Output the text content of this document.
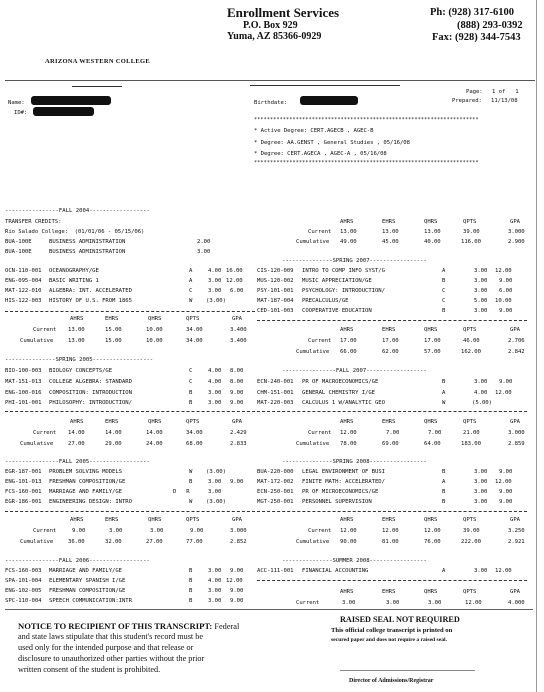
ARIZONA WESTERN COLLEGE
Enrollment Services
P.O. Box 929
Yuma, AZ 85366-0929
Ph: (928) 317-6100
(888) 293-0392
Fax: (928) 344-7543
Page: 1 of   1
Name:
ID#:
Birthdate:	Prepared: 11/13/08
**********************************************************************
* Active Degree: CERT.AGECB , AGEC-B
* Degree: AA.GENST , General Studies , 05/16/08
* Degree: CERT.AGECA , AGEC-A , 05/16/08
**********************************************************************
----------------FALL 2004------------------
TRANSFER CREDITS:
Rio Salado College:  (01/01/06 - 05/15/06)
BUA-100E	BUSINESS ADMINISTRATION	2.00
BUA-100E	BUSINESS ADMINISTRATION	3.00
OCN-110-001 OCEANOGRAPHY/GE	A	4.00 16.00
ENG-095-004 BASIC WRITING 1	A	3.00 12.00
MAT-122-010 ALGEBRA: INT. ACCELERATED	C	3.00 6.00
HIS-122-003 HISTORY OF U.S. FROM 1865	W (3.00)
AHRS	EHRS	QHRS	QPTS	GPA
Current 13.00	15.00	10.00	34.00	3.400
Cumulative	13.00	15.00	10.00	34.00	3.400
---------------SPRING 2005------------------
BIO-100-003 BIOLOGY CONCEPTS/GE	C	4.00 8.00
MAT-151-013 COLLEGE ALGEBRA: STANDARD	C	4.00 8.00
ENG-100-016 COMPOSITION: INTRODUCTION	B	3.00 9.00
PHI-101-001 PHILOSOPHY: INTRODUCTION/	B	3.00 9.00
AHRS	EHRS	QHRS	QPTS	GPA
Current 14.00	14.00	14.00	34.00	2.429
Cumulative	27.00	29.00	24.00	68.00	2.833
----------------FALL 2005------------------
EGR-187-001 PROBLEM SOLVING MODELS	W (3.00)
ENG-101-013 FRESHMAN COMPOSITION/GE	B	3.00 9.00
FCS-160-001 MARRIAGE AND FAMILY/GE	D   R	3.00
EGR-186-001 ENGINEERING DESIGN: INTRO	W (3.00)
AHRS	EHRS	QHRS	QPTS	GPA
Current	9.00	3.00	3.00	9.00	3.000
Cumulative	36.00	32.00	27.00	77.00	2.852
----------------FALL 2006------------------
FCS-160-003 MARRIAGE AND FAMILY/GE	B	3.00 9.00
SPA-101-004 ELEMENTARY SPANISH I/GE	B	4.00 12.00
ENG-102-005 FRESHMAN COMPOSITION/GE	B	3.00 9.00
SPC-110-004 SPEECH COMMUNICATION:INTR	B	3.00 9.00
AHRS	EHRS	QHRS	QPTS	GPA
Current 13.00	13.00	13.00	39.00	3.000
Cumulative 49.00	45.00	40.00	116.00	2.900
---------------SPRING 2007-----------------
CIS-120-009 INTRO TO COMP INFO SYST/G	A	3.00 12.00
MUS-120-002 MUSIC APPRECIATION/GE	B	3.00 9.00
PSY-101-001 PSYCHOLOGY: INTRODUCTION/	C	3.00 6.00
MAT-187-004 PRECALCULUS/GE	C	5.00 10.00
CED-101-003 COOPERATIVE EDUCATION	B	3.00 9.00
AHRS	EHRS	QHRS	QPTS	GPA
Current 17.00	17.00	17.00	46.00	2.706
Cumulative 66.00	62.00	57.00	162.00	2.842
----------------FALL 2007------------------
ECN-240-001 PR OF MACROECONOMICS/GE	B	3.00 9.00
CHM-151-001 GENERAL CHEMISTRY I/GE	A	4.00 12.00
MAT-220-003 CALCULUS 1 W/ANALYTIC GEO	W	(5.00)
AHRS	EHRS	QHRS	QPTS	GPA
Current 12.00	7.00	7.00	21.00	3.000
Cumulative 78.00	69.00	64.00	183.00	2.859
---------------SPRING 2008-----------------
BUA-220-000 LEGAL ENVIRONMENT OF BUSI	B	3.00 9.00
MAT-172-002 FINITE MATH: ACCELERATED/	A	3.00 12.00
ECN-250-001 PR OF MICROECONOMICS/GE	B	3.00 9.00
MGT-250-001 PERSONNEL SUPERVISION	B	3.00 9.00
AHRS	EHRS	QHRS	QPTS	GPA
Current 12.00	12.00	12.00	39.00	3.250
Cumulative 90.00	81.00	76.00	222.00	2.921
---------------SUMMER 2008-----------------
ACC-111-001 FINANCIAL ACCOUNTING	A	3.00 12.00
AHRS	EHRS	QHRS	QPTS	GPA
Current	3.00	3.00	3.00	12.00	4.000
NOTICE TO RECIPIENT OF THIS TRANSCRIPT: Federal
and state laws stipulate that this student's record must be
used only for the intended purpose and that release or
disclosure to unauthorized other parties without the prior
written consent of the student is prohibited.
RAISED SEAL NOT REQUIRED
This official college transcript is printed on
secured paper and does not require a raised seal.
Director of Admissions/Registrar
